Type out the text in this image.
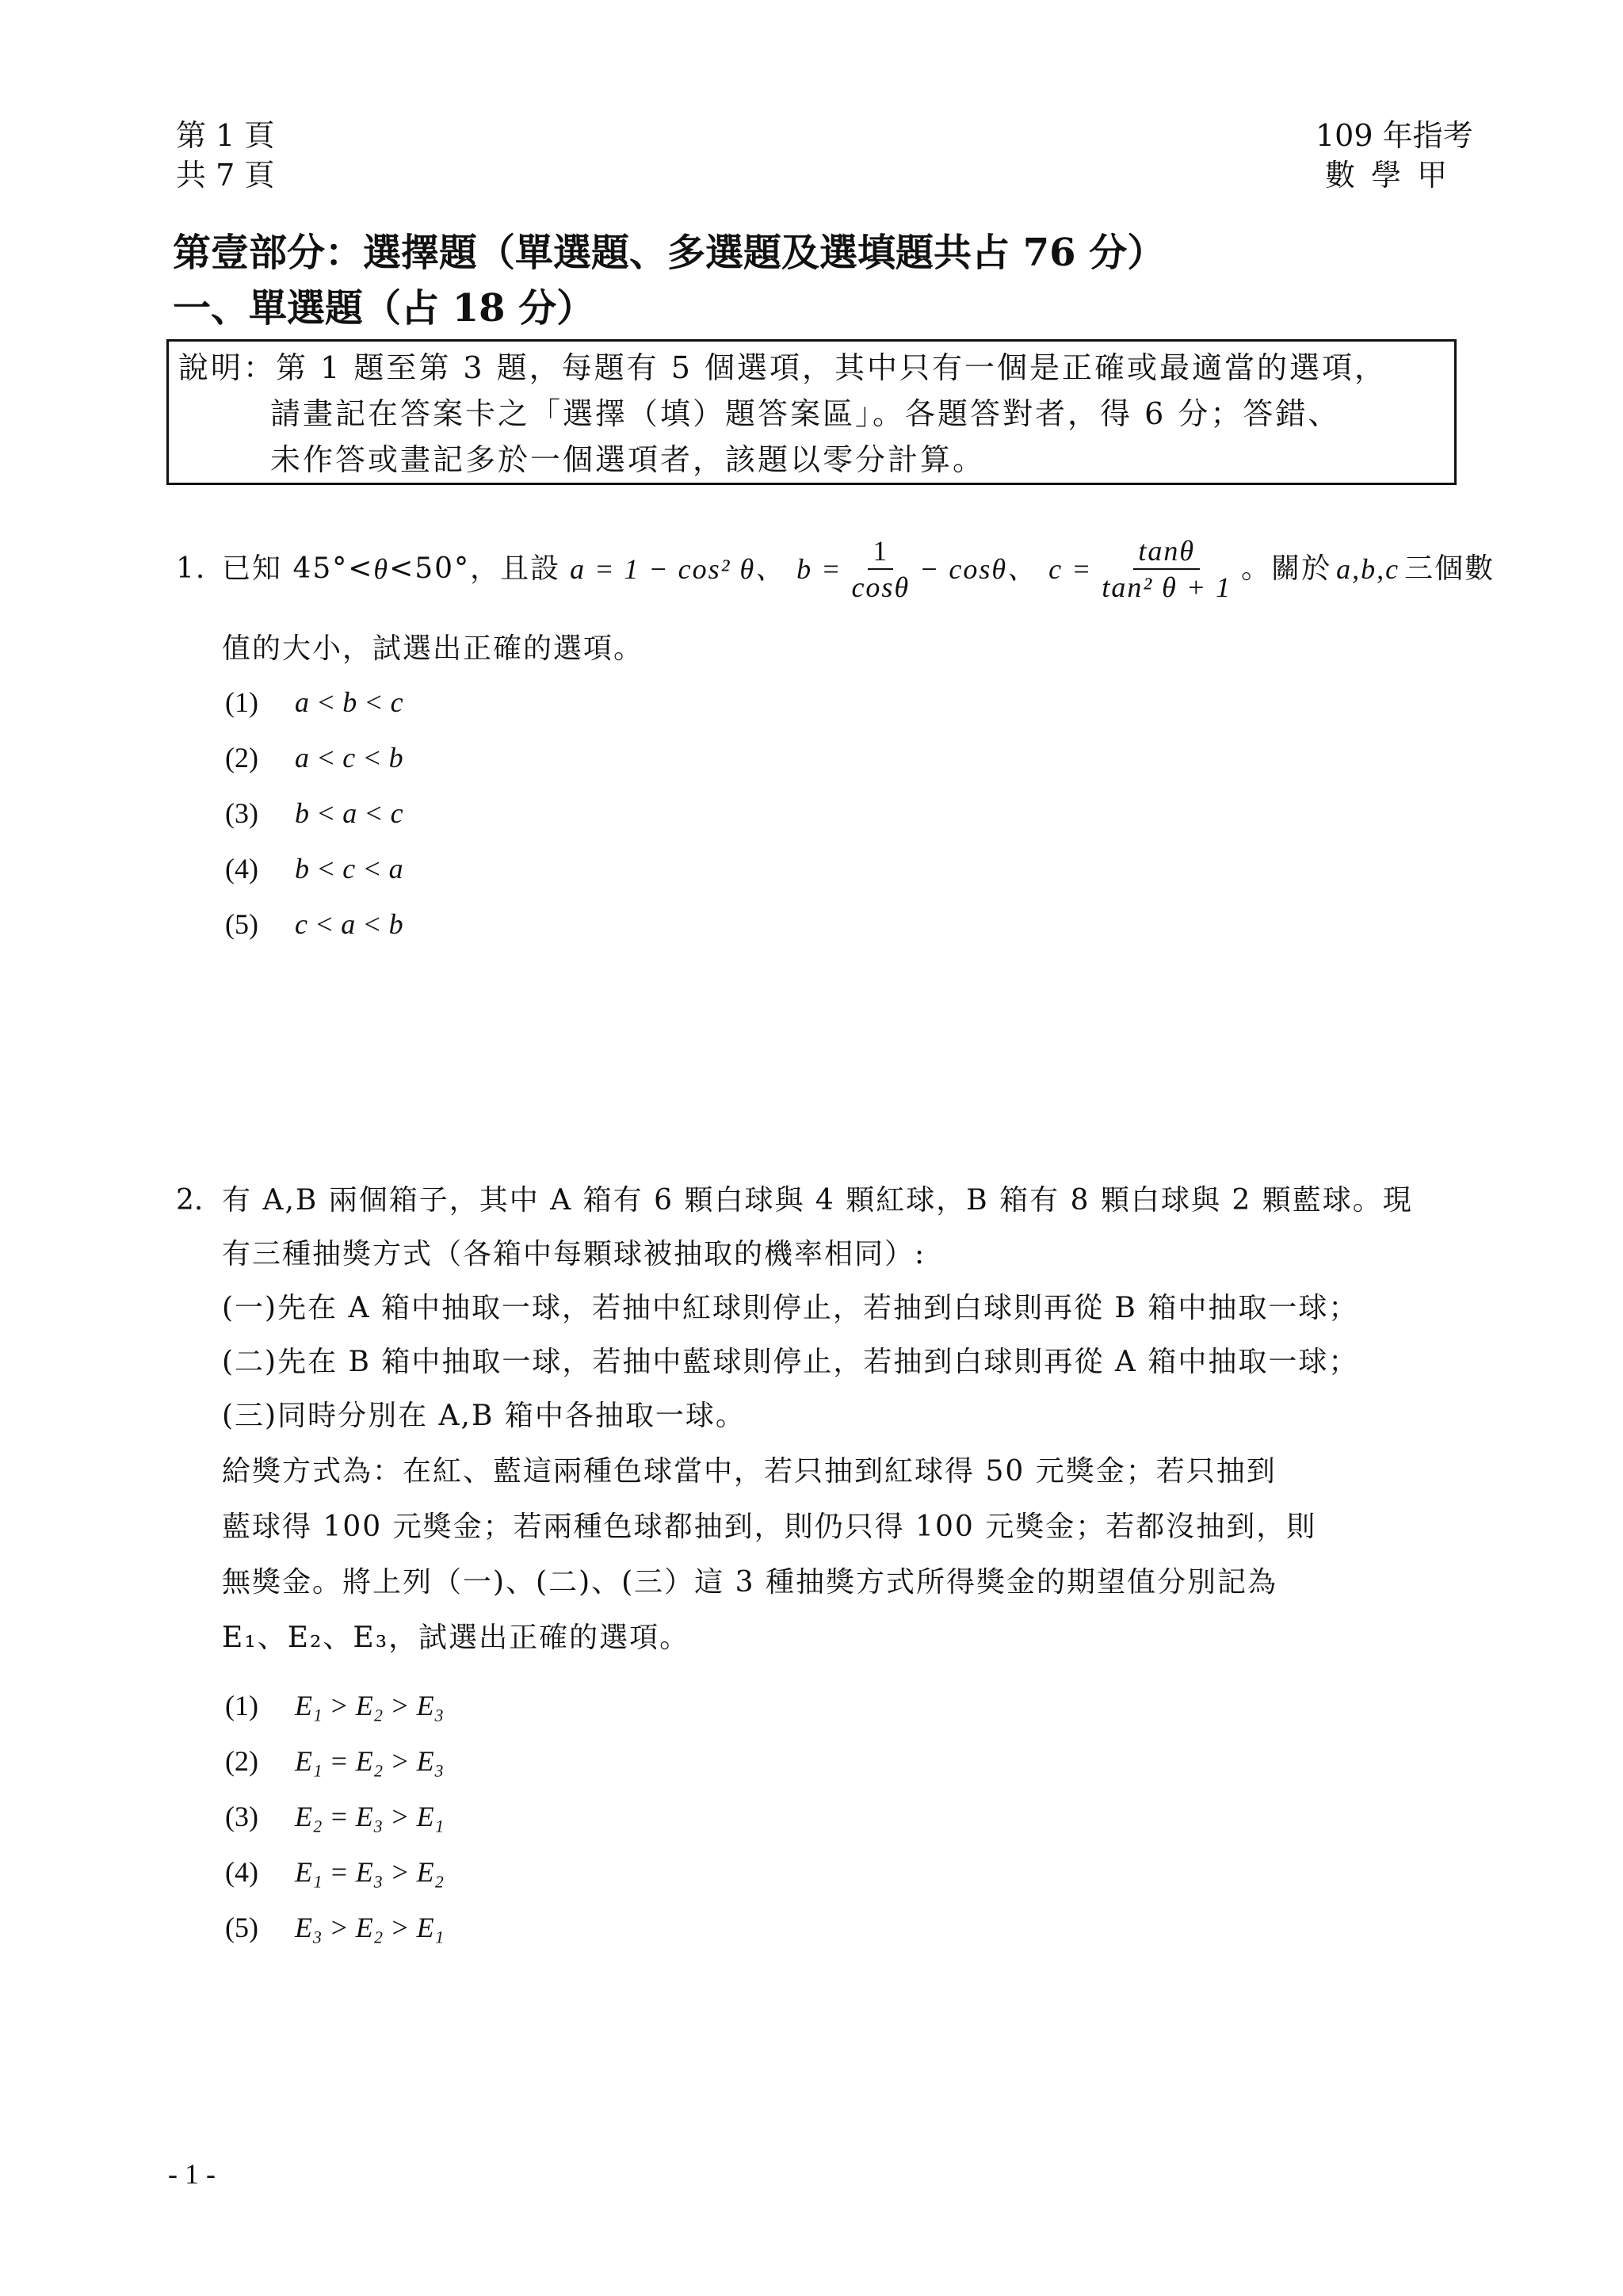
第 1 頁
共 7 頁
109 年指考
數 學 甲
第壹部分：選擇題（單選題、多選題及選填題共占 76 分）
一、單選題（占 18 分）
說明：第 1 題至第 3 題，每題有 5 個選項，其中只有一個是正確或最適當的選項，
請畫記在答案卡之「選擇（填）題答案區」。各題答對者，得 6 分；答錯、
未作答或畫記多於一個選項者，該題以零分計算。
1. 已知 45°< θ <50°，且設 a = 1 − cos² θ、 $b = \frac{1}{\cos\theta} - \cos\theta$、 $c = \frac{\tan\theta}{\text{tan² θ + 1}}$ 。關於 a,b,c 三個數
值的大小，試選出正確的選項。
(1) a < b < c
(2) a < c < b
(3) b < a < c
(4) b < c < a
(5) c < a < b
2. 有 A,B 兩個箱子，其中 A 箱有 6 顆白球與 4 顆紅球，B 箱有 8 顆白球與 2 顆藍球。現
有三種抽獎方式（各箱中每顆球被抽取的機率相同）:
(一)先在 A 箱中抽取一球，若抽中紅球則停止，若抽到白球則再從 B 箱中抽取一球；
(二)先在 B 箱中抽取一球，若抽中藍球則停止，若抽到白球則再從 A 箱中抽取一球；
(三)同時分別在 A,B 箱中各抽取一球。
給獎方式為：在紅、藍這兩種色球當中，若只抽到紅球得 50 元獎金；若只抽到
藍球得 100 元獎金；若兩種色球都抽到，則仍只得 100 元獎金；若都沒抽到，則
無獎金。將上列（一)、(二)、(三）這 3 種抽獎方式所得獎金的期望值分別記為
E₁、E₂、E₃，試選出正確的選項。
(1) E₁ > E₂ > E₃
(2) E₁ = E₂ > E₃
(3) E₂ = E₃ > E₁
(4) E₁ = E₃ > E₂
(5) E₃ > E₂ > E₁
- 1 -
